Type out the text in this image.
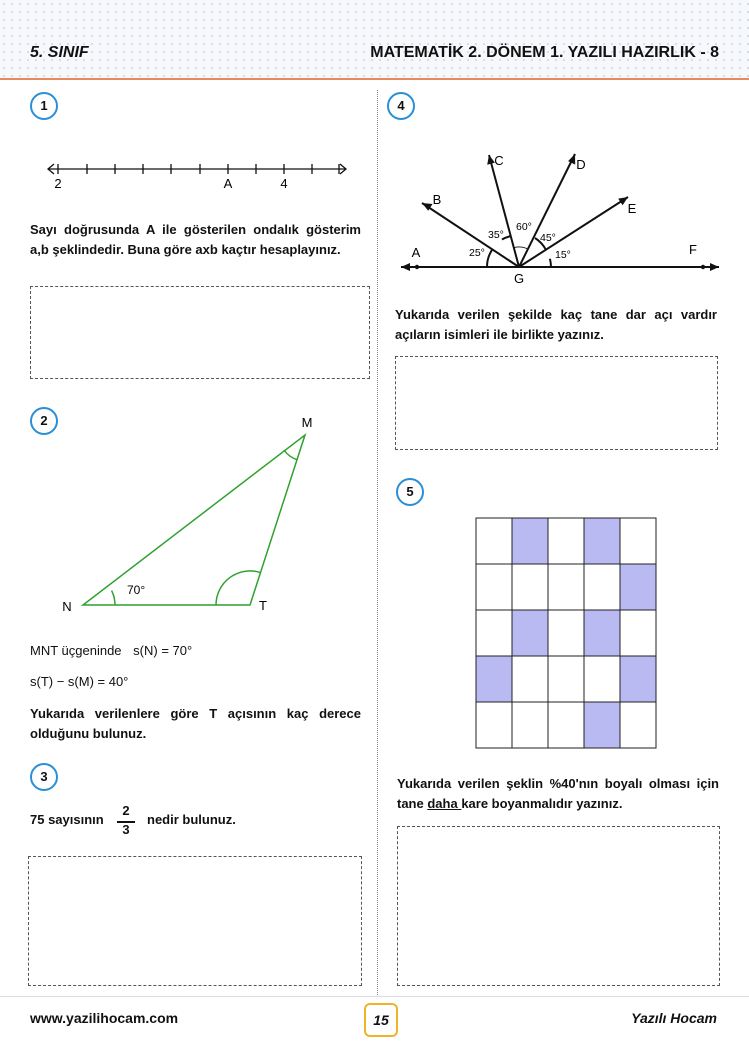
5. SINIF	MATEMATİK 2. DÖNEM 1. YAZILI HAZIRLIK - 8
1
2	A	4
Sayı doğrusunda A ile gösterilen ondalık gösterim a,b şeklindedir. Buna göre axb kaçtır hesaplayınız.
2	M
N	T
70°
MNT üçgeninde s(N) = 70°
s(T) − s(M) = 40°
Yukarıda verilenlere göre T açısının kaç derece olduğunu bulunuz.
3
75 sayısının
2
3
nedir bulunuz.
4
A
B
C	D
E
F
G
25°
35°
60°
45°
15°
Yukarıda verilen şekilde kaç tane dar açı vardır açıların isimleri ile birlikte yazınız.
5
Yukarıda verilen şeklin %40'nın boyalı olması için tane daha kare boyanmalıdır yazınız.
www.yazilihocam.com	15	Yazılı Hocam
